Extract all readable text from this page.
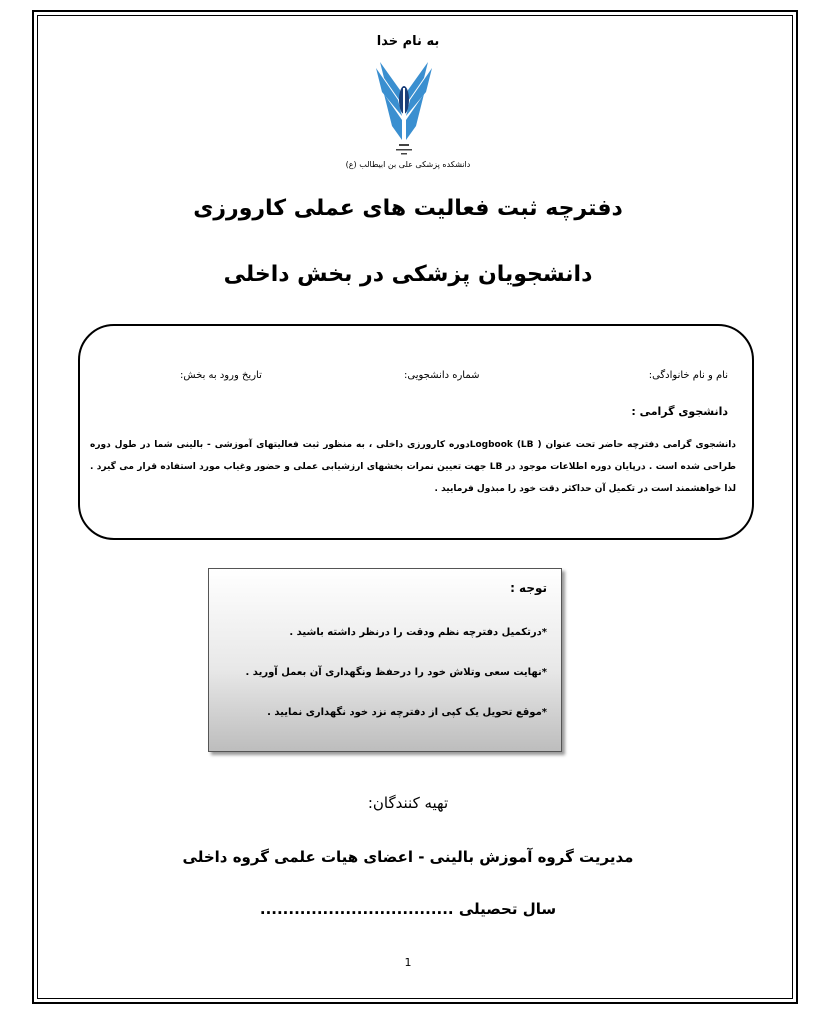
به نام خدا
دانشکده پزشکی علی بن ابیطالب (ع)
دفترچه ثبت فعالیت های عملی کارورزی
دانشجویان پزشکی در بخش داخلی
نام و نام خانوادگی:
شماره دانشجویی:
تاریخ ورود به بخش:
دانشجوی گرامی :
دانشجوی گرامی دفترچه حاضر تحت عنوان Logbook (LB )دوره کارورزی داخلی ، به منظور ثبت فعالیتهای آموزشی - بالینی شما در طول دوره طراحی شده است . درپایان دوره اطلاعات موجود در LB جهت تعیین نمرات بخشهای ارزشیابی عملی و حضور وغیاب مورد استفاده قرار می گیرد . لذا خواهشمند است در تکمیل آن حداکثر دقت خود را مبذول فرمایید .
توجه :
*درتکمیل دفترچه نظم ودقت را درنظر داشته باشید .
*نهایت سعی وتلاش خود را درحفظ ونگهداری آن بعمل آورید .
*موقع تحویل یک کپی از دفترچه نزد خود نگهداری نمایید .
تهیه کنندگان:
مدیریت گروه آموزش بالینی - اعضای هیات علمی گروه داخلی
سال تحصیلی ..................................
1
